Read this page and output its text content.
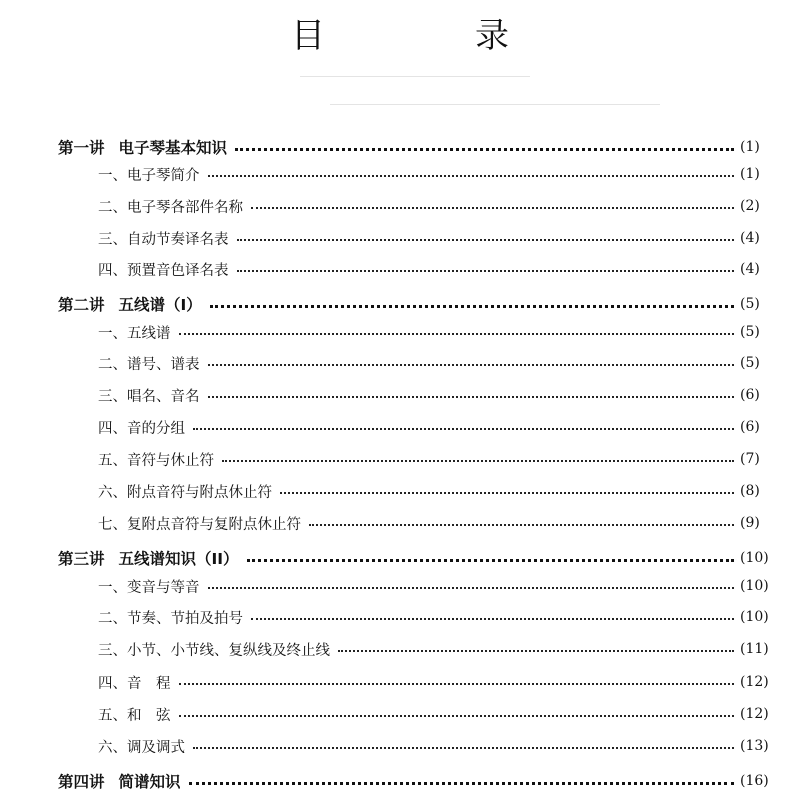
目　录
第一讲 电子琴基本知识	(1)
一、电子琴简介	(1)
二、电子琴各部件名称	(2)
三、自动节奏译名表	(4)
四、预置音色译名表	(4)
第二讲 五线谱（I）	(5)
一、五线谱	(5)
二、谱号、谱表	(5)
三、唱名、音名	(6)
四、音的分组	(6)
五、音符与休止符	(7)
六、附点音符与附点休止符	(8)
七、复附点音符与复附点休止符	(9)
第三讲 五线谱知识（II）	(10)
一、变音与等音	(10)
二、节奏、节拍及拍号	(10)
三、小节、小节线、复纵线及终止线	(11)
四、音　程	(12)
五、和　弦	(12)
六、调及调式	(13)
第四讲 简谱知识	(16)
